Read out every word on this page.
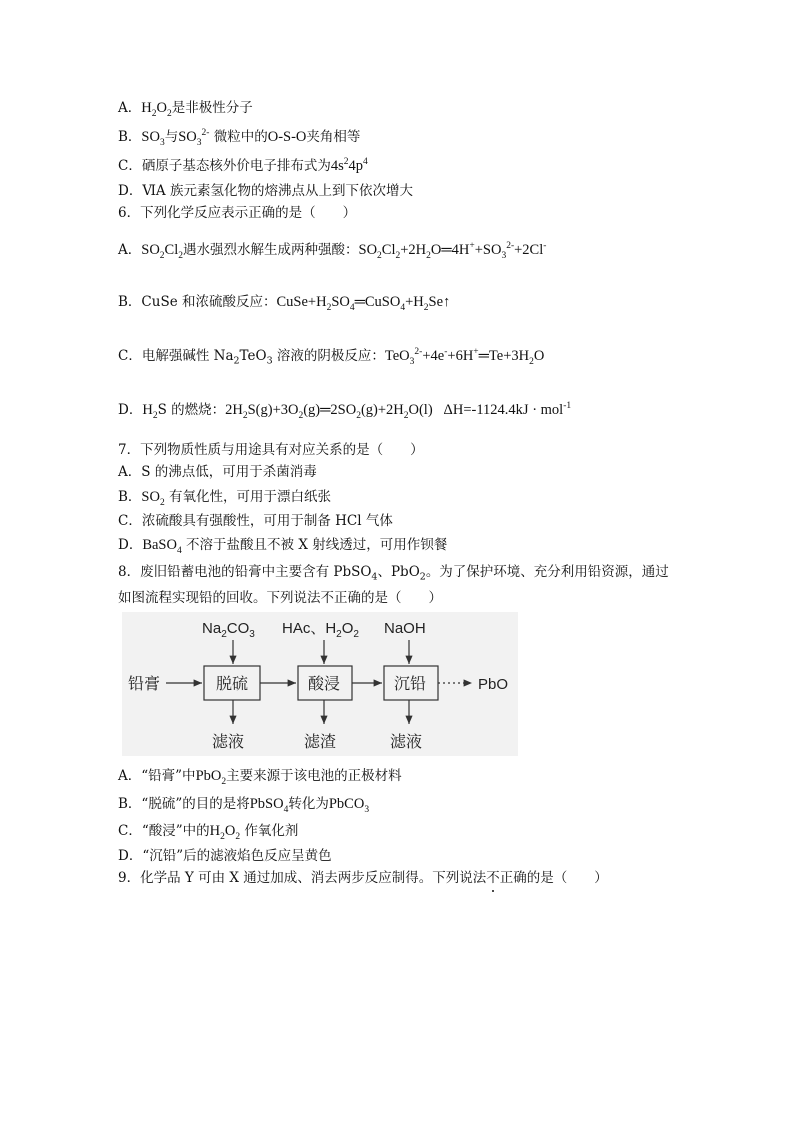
A．$H_2O_2$是非极性分子
B．$SO_3$与$SO_3^{2-}$ 微粒中的O-S-O夹角相等
C．硒原子基态核外价电子排布式为$4s^24p^4$
D．ⅥA 族元素氢化物的熔沸点从上到下依次增大
6．下列化学反应表示正确的是（　　）
A．$SO_2Cl_2$遇水强烈水解生成两种强酸：$SO_2Cl_2+2H_2O═4H^++SO_3^{2-}+2Cl^-$
B．CuSe 和浓硫酸反应：$CuSe+H_2SO_4═CuSO_4+H_2Se↑$
C．电解强碱性 $Na_2TeO_3$ 溶液的阴极反应：$TeO_3^{2-}+4e^-+6H^+═Te+3H_2O$
D．$H_2S$ 的燃烧：$2H_2S(g)+3O_2(g)═2SO_2(g)+2H_2O(l) \Delta H=-1124.4kJ \cdot mol^{-1}$
7．下列物质性质与用途具有对应关系的是（　　）
A．S 的沸点低，可用于杀菌消毒
B．$SO_2$ 有氧化性，可用于漂白纸张
C．浓硫酸具有强酸性，可用于制备 HCl 气体
D．BaSO$_4$ 不溶于盐酸且不被 X 射线透过，可用作钡餐
8．废旧铅蓄电池的铅膏中主要含有 PbSO$_4$、PbO$_2$。为了保护环境、充分利用铅资源，通过如图流程实现铅的回收。下列说法不正确的是（　　）
$Na_2CO_3$ HAc、$H_2O_2$ NaOH
铅膏	脱硫	酸浸	沉铅
滤液	滤渣	滤液
PbO
A．“铅膏”中PbO$_2$主要来源于该电池的正极材料
B．“脱硫”的目的是将PbSO$_4$转化为PbCO$_3$
C．“酸浸”中的$H_2O_2$ 作氧化剂
D．“沉铅”后的滤液焰色反应呈黄色
9．化学品 Y 可由 X 通过加成、消去两步反应制得。下列说法不正确的是（　　）
